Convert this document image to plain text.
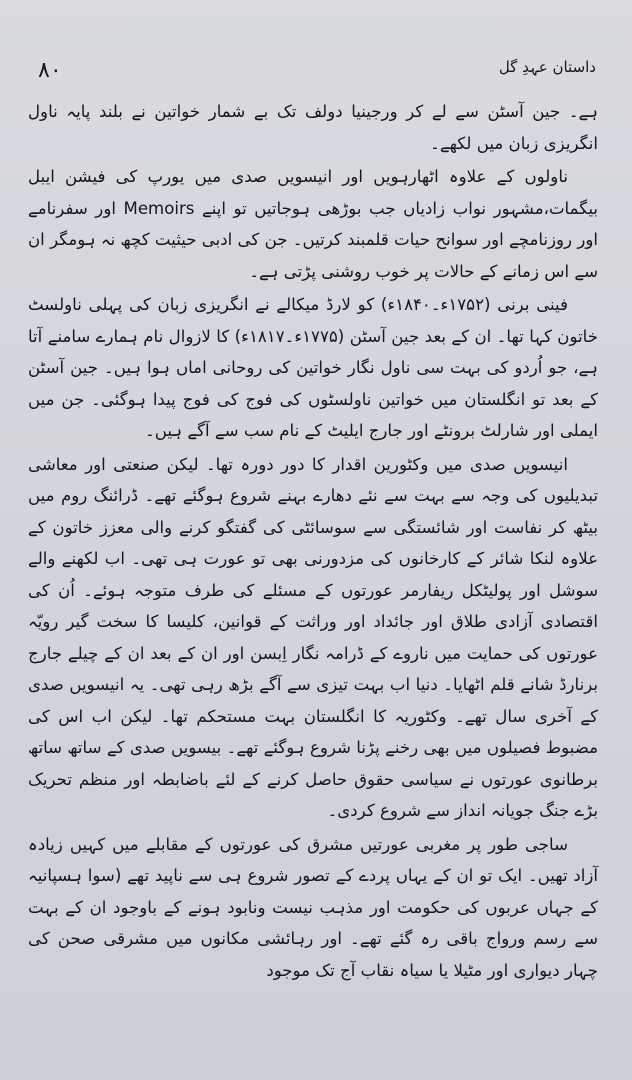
۸۰	داستان عہدِ گل

ہے۔ جین آسٹن سے لے کر ورجینیا دولف تک بے شمار خواتین نے بلند پایہ ناول انگریزی زبان میں لکھے۔

ناولوں کے علاوہ اٹھارہویں اور انیسویں صدی میں یورپ کی فیشن ایبل بیگمات،مشہور نواب زادیاں جب بوڑھی ہوجاتیں تو اپنے Memoirs اور سفرنامے اور روزنامچے اور سوانح حیات قلمبند کرتیں۔ جن کی ادبی حیثیت کچھ نہ ہومگر ان سے اس زمانے کے حالات پر خوب روشنی پڑتی ہے۔

فینی برنی (۱۷۵۲ء۔۱۸۴۰ء) کو لارڈ میکالے نے انگریزی زبان کی پہلی ناولسٹ خاتون کہا تھا۔ ان کے بعد جین آسٹن (۱۷۷۵ء۔۱۸۱۷ء) کا لازوال نام ہمارے سامنے آتا ہے، جو اُردو کی بہت سی ناول نگار خواتین کی روحانی اماں ہوا ہیں۔ جین آسٹن کے بعد تو انگلستان میں خواتین ناولسٹوں کی فوج کی فوج پیدا ہوگئی۔ جن میں ایملی اور شارلٹ برونٹے اور جارج ایلیٹ کے نام سب سے آگے ہیں۔

انیسویں صدی میں وکٹورین اقدار کا دور دورہ تھا۔ لیکن صنعتی اور معاشی تبدیلیوں کی وجہ سے بہت سے نئے دھارے بہنے شروع ہوگئے تھے۔ ڈرائنگ روم میں بیٹھ کر نفاست اور شائستگی سے سوسائٹی کی گفتگو کرنے والی معزز خاتون کے علاوہ لنکا شائر کے کارخانوں کی مزدورنی بھی تو عورت ہی تھی۔ اب لکھنے والے سوشل اور پولیٹکل ریفارمر عورتوں کے مسئلے کی طرف متوجہ ہوئے۔ اُن کی اقتصادی آزادی طلاق اور جائداد اور وراثت کے قوانین، کلیسا کا سخت گیر رویّہ عورتوں کی حمایت میں ناروے کے ڈرامہ نگار اِبسن اور ان کے بعد ان کے چیلے جارج برنارڈ شانے قلم اٹھایا۔ دنیا اب بہت تیزی سے آگے بڑھ رہی تھی۔ یہ انیسویں صدی کے آخری سال تھے۔ وکٹوریہ کا انگلستان بہت مستحکم تھا۔ لیکن اب اس کی مضبوط فصیلوں میں بھی رخنے پڑنا شروع ہوگئے تھے۔ بیسویں صدی کے ساتھ ساتھ برطانوی عورتوں نے سیاسی حقوق حاصل کرنے کے لئے باضابطہ اور منظم تحریک بڑے جنگ جویانہ انداز سے شروع کردی۔

ساجی طور پر مغربی عورتیں مشرق کی عورتوں کے مقابلے میں کہیں زیادہ آزاد تھیں۔ ایک تو ان کے یہاں پردے کے تصور شروع ہی سے ناپید تھے (سوا ہسپانیہ کے جہاں عربوں کی حکومت اور مذہب نیست ونابود ہونے کے باوجود ان کے بہت سے رسم ورواج باقی رہ گئے تھے۔ اور رہائشی مکانوں میں مشرقی صحن کی چہار دیواری اور مٹیلا یا سیاہ نقاب آج تک موجود
